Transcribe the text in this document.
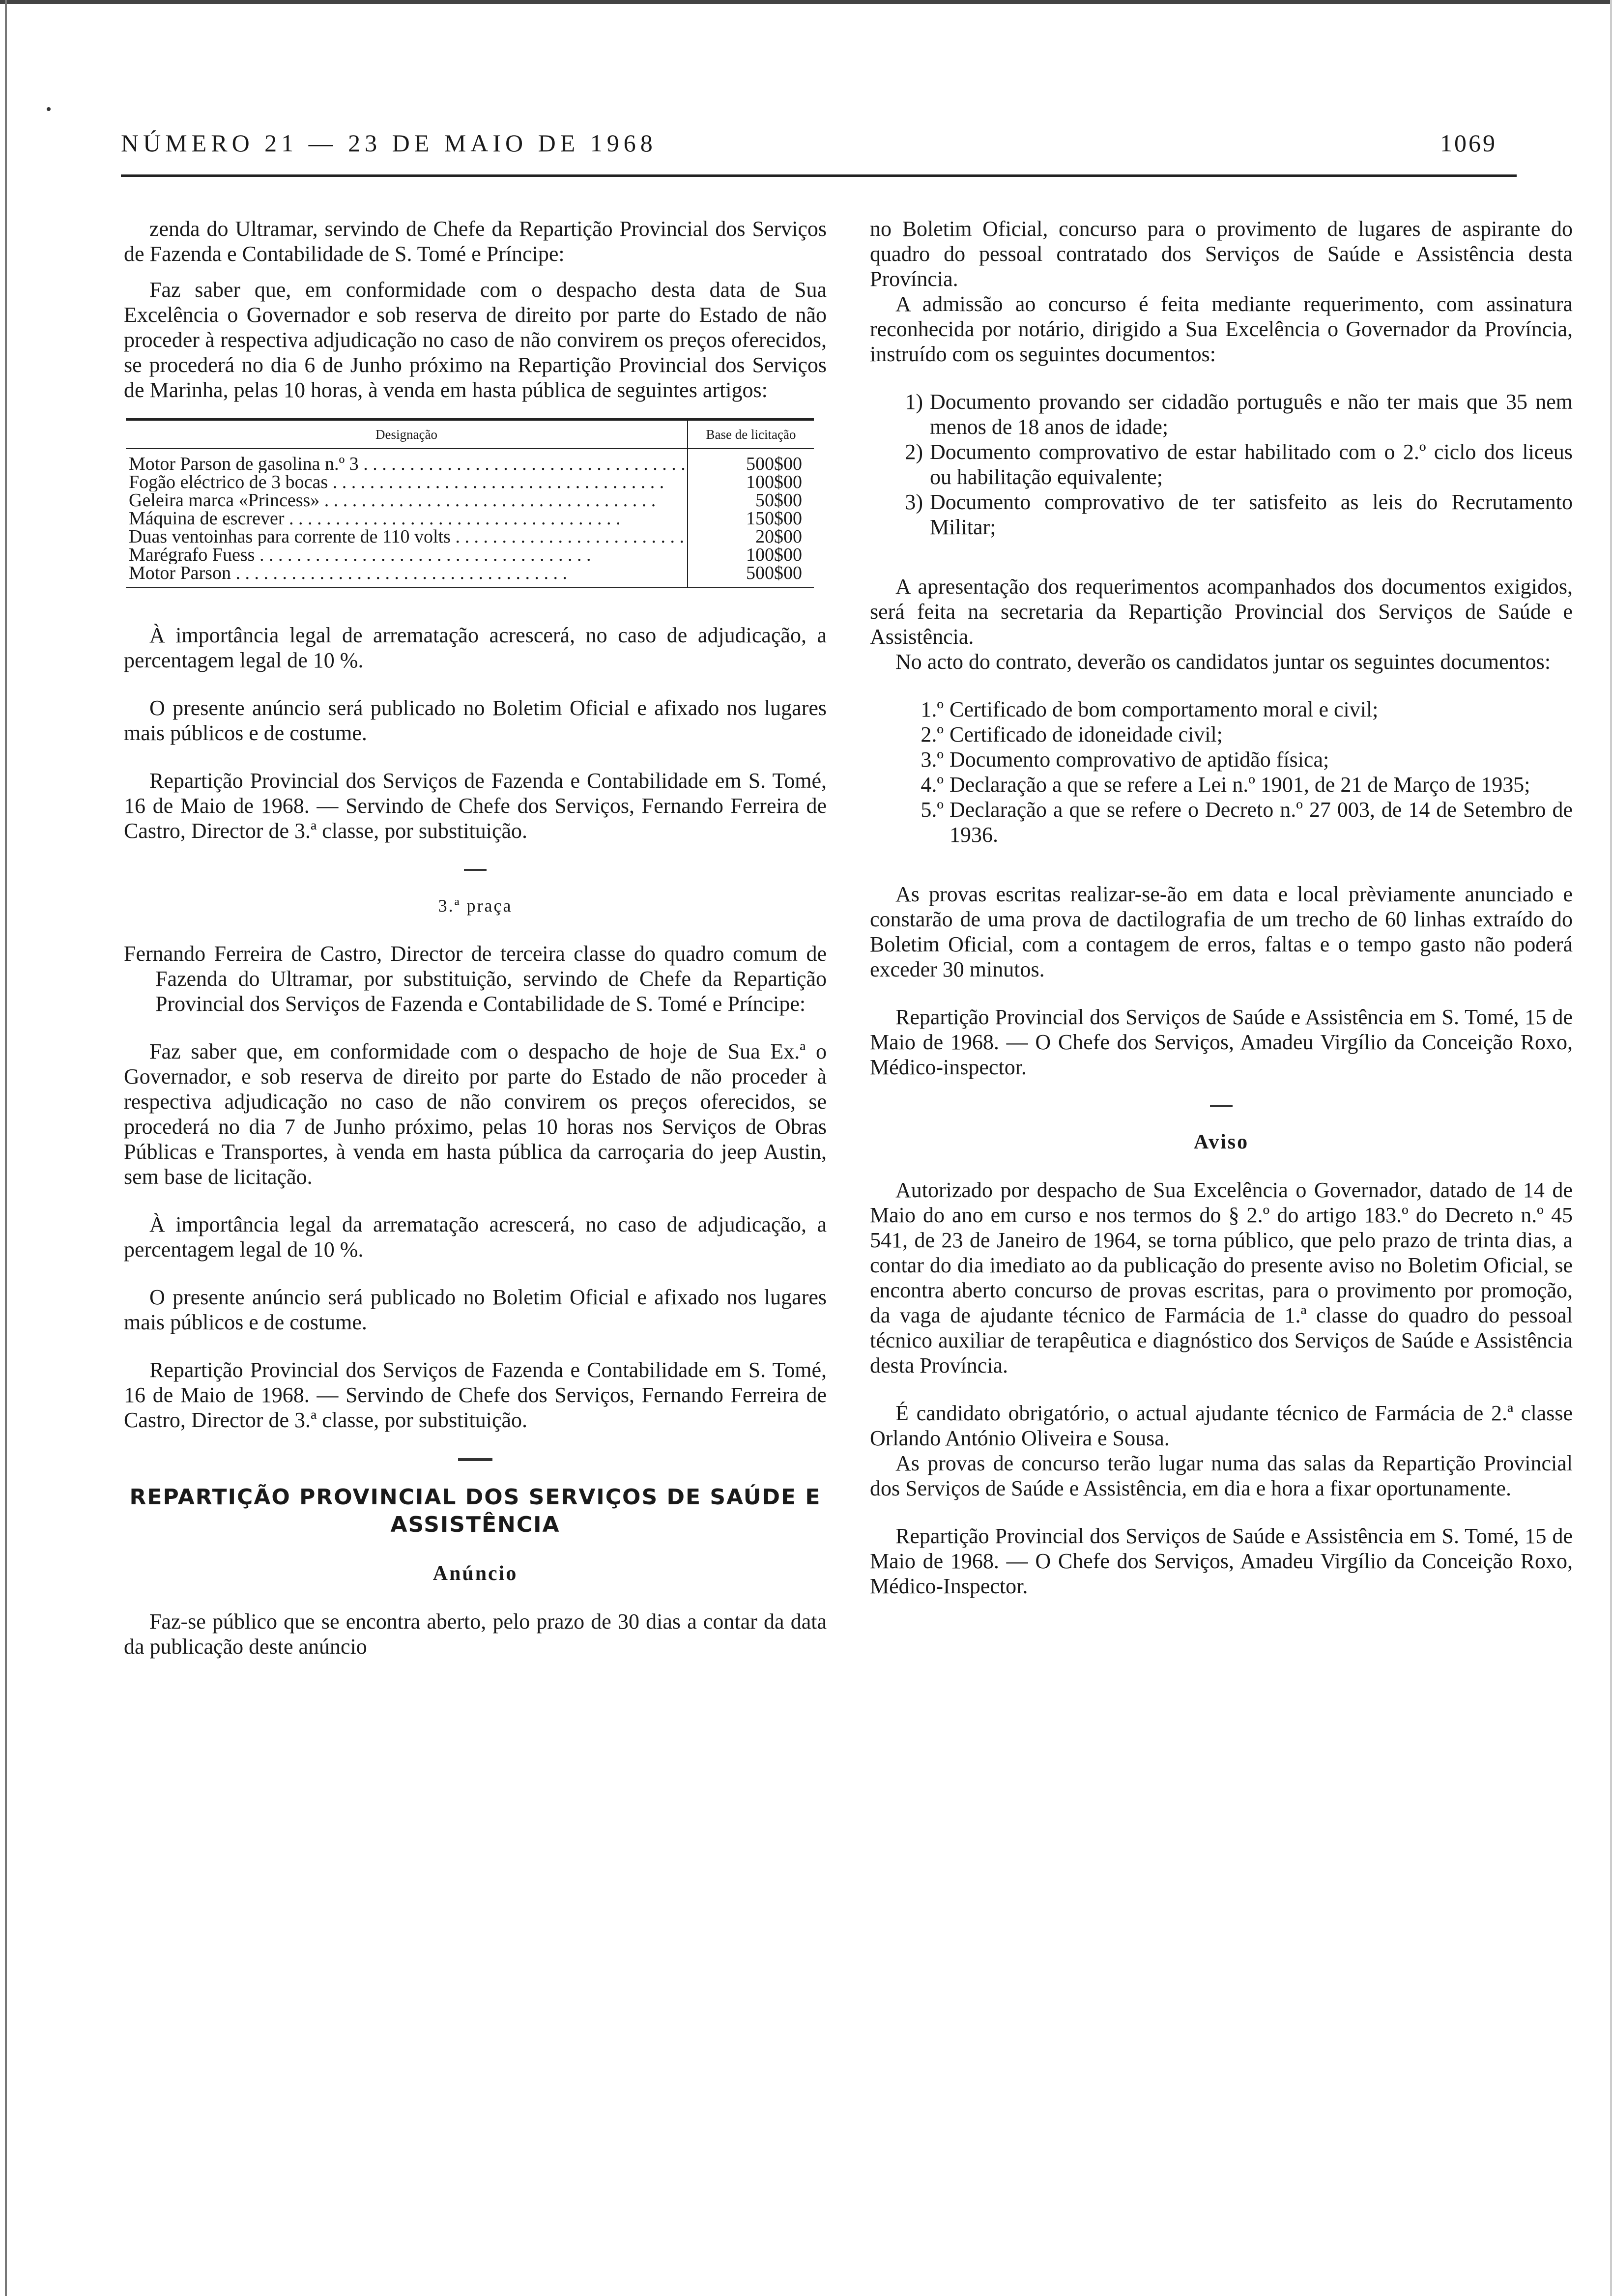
NÚMERO 21 — 23 DE MAIO DE 1968	1069

zenda do Ultramar, servindo de Chefe da Repartição Provincial dos Serviços de Fazenda e Contabilidade de S. Tomé e Príncipe:

Faz saber que, em conformidade com o despacho desta data de Sua Excelência o Governador e sob reserva de direito por parte do Estado de não proceder à respectiva adjudicação no caso de não convirem os preços oferecidos, se procederá no dia 6 de Junho próximo na Repartição Provincial dos Serviços de Marinha, pelas 10 horas, à venda em hasta pública de seguintes artigos:

Designação	Base de licitação
Motor Parson de gasolina n.º 3 . . .	500$00
Fogão eléctrico de 3 bocas . . .	100$00
Geleira marca «Princess» . . .	50$00
Máquina de escrever . . .	150$00
Duas ventoinhas para corrente de 110 volts . . .	20$00
Marégrafo Fuess . . .	100$00
Motor Parson . . .	500$00

À importância legal de arrematação acrescerá, no caso de adjudicação, a percentagem legal de 10 %.

O presente anúncio será publicado no Boletim Oficial e afixado nos lugares mais públicos e de costume.

Repartição Provincial dos Serviços de Fazenda e Contabilidade em S. Tomé, 16 de Maio de 1968. — Servindo de Chefe dos Serviços, Fernando Ferreira de Castro, Director de 3.ª classe, por substituição.

3.ª praça

Fernando Ferreira de Castro, Director de terceira classe do quadro comum de Fazenda do Ultramar, por substituição, servindo de Chefe da Repartição Provincial dos Serviços de Fazenda e Contabilidade de S. Tomé e Príncipe:

Faz saber que, em conformidade com o despacho de hoje de Sua Ex.ª o Governador, e sob reserva de direito por parte do Estado de não proceder à respectiva adjudicação no caso de não convirem os preços oferecidos, se procederá no dia 7 de Junho próximo, pelas 10 horas nos Serviços de Obras Públicas e Transportes, à venda em hasta pública da carroçaria do jeep Austin, sem base de licitação.

À importância legal da arrematação acrescerá, no caso de adjudicação, a percentagem legal de 10 %.

O presente anúncio será publicado no Boletim Oficial e afixado nos lugares mais públicos e de costume.

Repartição Provincial dos Serviços de Fazenda e Contabilidade em S. Tomé, 16 de Maio de 1968. — Servindo de Chefe dos Serviços, Fernando Ferreira de Castro, Director de 3.ª classe, por substituição.

REPARTIÇÃO PROVINCIAL DOS SERVIÇOS DE SAÚDE E ASSISTÊNCIA

Anúncio

Faz-se público que se encontra aberto, pelo prazo de 30 dias a contar da data da publicação deste anúncio

no Boletim Oficial, concurso para o provimento de lugares de aspirante do quadro do pessoal contratado dos Serviços de Saúde e Assistência desta Província.

A admissão ao concurso é feita mediante requerimento, com assinatura reconhecida por notário, dirigido a Sua Excelência o Governador da Província, instruído com os seguintes documentos:

1) Documento provando ser cidadão português e não ter mais que 35 nem menos de 18 anos de idade;
2) Documento comprovativo de estar habilitado com o 2.º ciclo dos liceus ou habilitação equivalente;
3) Documento comprovativo de ter satisfeito as leis do Recrutamento Militar;

A apresentação dos requerimentos acompanhados dos documentos exigidos, será feita na secretaria da Repartição Provincial dos Serviços de Saúde e Assistência.

No acto do contrato, deverão os candidatos juntar os seguintes documentos:

1.º Certificado de bom comportamento moral e civil;
2.º Certificado de idoneidade civil;
3.º Documento comprovativo de aptidão física;
4.º Declaração a que se refere a Lei n.º 1901, de 21 de Março de 1935;
5.º Declaração a que se refere o Decreto n.º 27 003, de 14 de Setembro de 1936.

As provas escritas realizar-se-ão em data e local prèviamente anunciado e constarão de uma prova de dactilografia de um trecho de 60 linhas extraído do Boletim Oficial, com a contagem de erros, faltas e o tempo gasto não poderá exceder 30 minutos.

Repartição Provincial dos Serviços de Saúde e Assistência em S. Tomé, 15 de Maio de 1968. — O Chefe dos Serviços, Amadeu Virgílio da Conceição Roxo, Médico-inspector.

Aviso

Autorizado por despacho de Sua Excelência o Governador, datado de 14 de Maio do ano em curso e nos termos do § 2.º do artigo 183.º do Decreto n.º 45 541, de 23 de Janeiro de 1964, se torna público, que pelo prazo de trinta dias, a contar do dia imediato ao da publicação do presente aviso no Boletim Oficial, se encontra aberto concurso de provas escritas, para o provimento por promoção, da vaga de ajudante técnico de Farmácia de 1.ª classe do quadro do pessoal técnico auxiliar de terapêutica e diagnóstico dos Serviços de Saúde e Assistência desta Província.

É candidato obrigatório, o actual ajudante técnico de Farmácia de 2.ª classe Orlando António Oliveira e Sousa.

As provas de concurso terão lugar numa das salas da Repartição Provincial dos Serviços de Saúde e Assistência, em dia e hora a fixar oportunamente.

Repartição Provincial dos Serviços de Saúde e Assistência em S. Tomé, 15 de Maio de 1968. — O Chefe dos Serviços, Amadeu Virgílio da Conceição Roxo, Médico-Inspector.
